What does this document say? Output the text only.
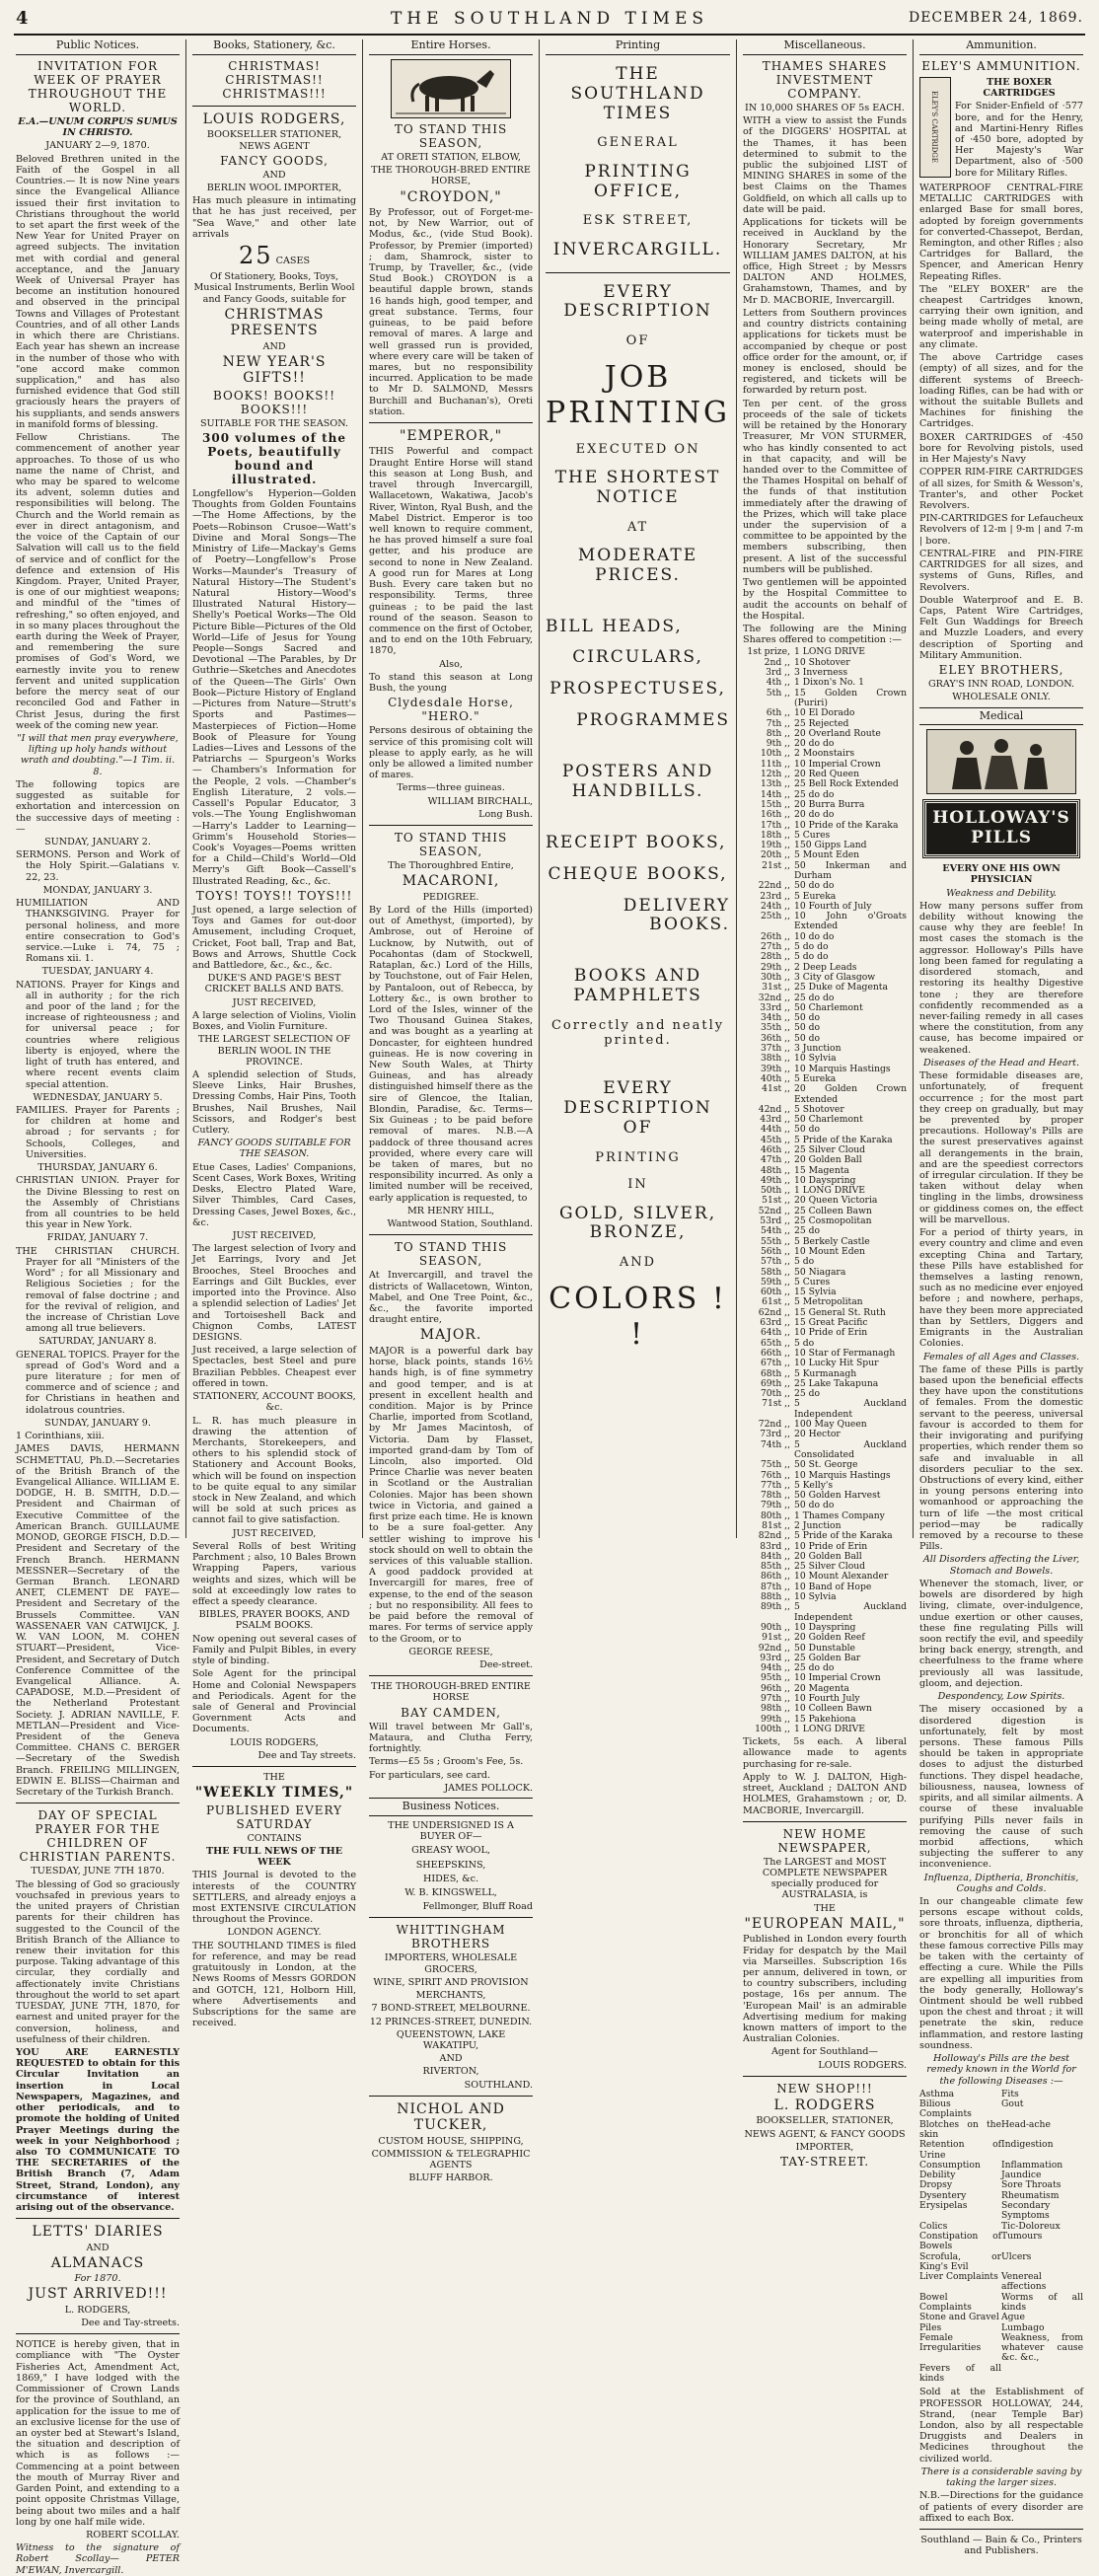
4	THE SOUTHLAND TIMES	DECEMBER 24, 1869.
Public Notices.

INVITATION FOR WEEK OF PRAYER THROUGHOUT THE WORLD.

E.A.—UNUM CORPUS SUMUS IN CHRISTO.

JANUARY 2—9, 1870.

Beloved Brethren united in the Faith of the Gospel in all Countries.— It is now Nine years since the Evangelical Alliance issued their first invitation to Christians throughout the world to set apart the first week of the New Year for United Prayer on agreed subjects. The invitation met with cordial and general acceptance, and the January Week of Universal Prayer has become an institution honoured and observed in the principal Towns and Villages of Protestant Countries, and of all other Lands in which there are Christians. Each year has shewn an increase in the number of those who with "one accord make common supplication," and has also furnished evidence that God still graciously hears the prayers of his suppliants, and sends answers in manifold forms of blessing.

Fellow Christians. The commencement of another year approaches. To those of us who name the name of Christ, and who may be spared to welcome its advent, solemn duties and responsibilities will belong. The Church and the World remain as ever in direct antagonism, and the voice of the Captain of our Salvation will call us to the field of service and of conflict for the defence and extension of His Kingdom. Prayer, United Prayer, is one of our mightiest weapons; and mindful of the "times of refreshing," so often enjoyed, and in so many places throughout the earth during the Week of Prayer, and remembering the sure promises of God's Word, we earnestly invite you to renew fervent and united supplication before the mercy seat of our reconciled God and Father in Christ Jesus, during the first week of the coming new year.

"I will that men pray everywhere, lifting up holy hands without wrath and doubting."—1 Tim. ii. 8.

The following topics are suggested as suitable for exhortation and intercession on the successive days of meeting :—

SUNDAY, JANUARY 2.

SERMONS. Person and Work of the Holy Spirit.—Galatians v. 22, 23.

MONDAY, JANUARY 3.

HUMILIATION AND THANKSGIVING. Prayer for personal holiness, and more entire consecration to God's service.—Luke i. 74, 75 ; Romans xii. 1.

TUESDAY, JANUARY 4.

NATIONS. Prayer for Kings and all in authority ; for the rich and poor of the land ; for the increase of righteousness ; and for universal peace ; for countries where religious liberty is enjoyed, where the light of truth has entered, and where recent events claim special attention.

WEDNESDAY, JANUARY 5.

FAMILIES. Prayer for Parents ; for children at home and abroad ; for servants ; for Schools, Colleges, and Universities.

THURSDAY, JANUARY 6.

CHRISTIAN UNION. Prayer for the Divine Blessing to rest on the Assembly of Christians from all countries to be held this year in New York.

FRIDAY, JANUARY 7.

THE CHRISTIAN CHURCH. Prayer for all "Ministers of the Word" ; for all Missionary and Religious Societies ; for the removal of false doctrine ; and for the revival of religion, and the increase of Christian Love among all true believers.

SATURDAY, JANUARY 8.

GENERAL TOPICS. Prayer for the spread of God's Word and a pure literature ; for men of commerce and of science ; and for Christians in heathen and idolatrous countries.

SUNDAY, JANUARY 9.

1 Corinthians, xiii.

JAMES DAVIS, HERMANN SCHMETTAU, Ph.D.—Secretaries of the British Branch of the Evangelical Alliance. WILLIAM E. DODGE, H. B. SMITH, D.D.—President and Chairman of Executive Committee of the American Branch. GUILLAUME MONOD, GEORGE FISCH, D.D.—President and Secretary of the French Branch. HERMANN MESSNER—Secretary of the German Branch. LEONARD ANET, CLEMENT DE FAYE—President and Secretary of the Brussels Committee. VAN WASSENAER VAN CATWIJCK, J. W. VAN LOON, M. COHEN STUART—President, Vice-President, and Secretary of Dutch Conference Committee of the Evangelical Alliance. A. CAPADOSE, M.D.—President of the Netherland Protestant Society. J. ADRIAN NAVILLE, F. METLAN—President and Vice-President of the Geneva Committee. CHANS C. BERGER—Secretary of the Swedish Branch. FREILING MILLINGEN, EDWIN E. BLISS—Chairman and Secretary of the Turkish Branch.

DAY OF SPECIAL PRAYER FOR THE CHILDREN OF CHRISTIAN PARENTS.

TUESDAY, JUNE 7TH 1870.

The blessing of God so graciously vouchsafed in previous years to the united prayers of Christian parents for their children has suggested to the Council of the British Branch of the Alliance to renew their invitation for this purpose. Taking advantage of this circular, they cordially and affectionately invite Christians throughout the world to set apart TUESDAY, JUNE 7TH, 1870, for earnest and united prayer for the conversion, holiness, and usefulness of their children.

YOU ARE EARNESTLY REQUESTED to obtain for this Circular Invitation an insertion in Local Newspapers, Magazines, and other periodicals, and to promote the holding of United Prayer Meetings during the week in your Neighborhood ; also TO COMMUNICATE TO THE SECRETARIES of the British Branch (7, Adam Street, Strand, London), any circumstance of interest arising out of the observance.

LETTS' DIARIES

AND

ALMANACS

For 1870.

JUST ARRIVED!!!

L. RODGERS,

Dee and Tay-streets.

NOTICE is hereby given, that in compliance with "The Oyster Fisheries Act, Amendment Act, 1869," I have lodged with the Commissioner of Crown Lands for the province of Southland, an application for the issue to me of an exclusive license for the use of an oyster bed at Stewart's Island, the situation and description of which is as follows :—Commencing at a point between the mouth of Murray River and Garden Point, and extending to a point opposite Christmas Village, being about two miles and a half long by one half mile wide.

ROBERT SCOLLAY.

Witness to the signature of Robert Scollay— PETER M'EWAN, Invercargill.

Books, Stationery, &c.

CHRISTMAS! CHRISTMAS!! CHRISTMAS!!!

LOUIS RODGERS,

BOOKSELLER STATIONER, NEWS AGENT

FANCY GOODS,

AND

BERLIN WOOL IMPORTER,

Has much pleasure in intimating that he has just received, per "Sea Wave," and other late arrivals

25 CASES

Of Stationery, Books, Toys, Musical Instruments, Berlin Wool and Fancy Goods, suitable for

CHRISTMAS PRESENTS

AND

NEW YEAR'S GIFTS!!

BOOKS! BOOKS!! BOOKS!!!

SUITABLE FOR THE SEASON.

300 volumes of the Poets, beautifully bound and illustrated.

Longfellow's Hyperion—Golden Thoughts from Golden Fountains—The Home Affections, by the Poets—Robinson Crusoe—Watt's Divine and Moral Songs—The Ministry of Life—Mackay's Gems of Poetry—Longfellow's Prose Works—Maunder's Treasury of Natural History—The Student's Natural History—Wood's Illustrated Natural History—Shelly's Poetical Works—The Old Picture Bible—Pictures of the Old World—Life of Jesus for Young People—Songs Sacred and Devotional —The Parables, by Dr Guthrie—Sketches and Anecdotes of the Queen—The Girls' Own Book—Picture History of England—Pictures from Nature—Strutt's Sports and Pastimes—Masterpieces of Fiction—Home Book of Pleasure for Young Ladies—Lives and Lessons of the Patriarchs — Spurgeon's Works — Chambers's Information for the People, 2 vols. —Chamber's English Literature, 2 vols.—Cassell's Popular Educator, 3 vols.—The Young Englishwoman—Harry's Ladder to Learning—Grimm's Household Stories—Cook's Voyages—Poems written for a Child—Child's World—Old Merry's Gift Book—Cassell's Illustrated Reading, &c., &c.

TOYS! TOYS!! TOYS!!!

Just opened, a large selection of Toys and Games for out-door Amusement, including Croquet, Cricket, Foot ball, Trap and Bat, Bows and Arrows, Shuttle Cock and Battledore, &c., &c., &c.

DUKE'S AND PAGE'S BEST CRICKET BALLS AND BATS.

JUST RECEIVED,

A large selection of Violins, Violin Boxes, and Violin Furniture.

THE LARGEST SELECTION OF BERLIN WOOL IN THE PROVINCE.

A splendid selection of Studs, Sleeve Links, Hair Brushes, Dressing Combs, Hair Pins, Tooth Brushes, Nail Brushes, Nail Scissors, and Rodger's best Cutlery.

FANCY GOODS SUITABLE FOR THE SEASON.

Etue Cases, Ladies' Companions, Scent Cases, Work Boxes, Writing Desks, Electro Plated Ware, Silver Thimbles, Card Cases, Dressing Cases, Jewel Boxes, &c., &c.

JUST RECEIVED,

The largest selection of Ivory and Jet Earrings, Ivory and Jet Brooches, Steel Brooches and Earrings and Gilt Buckles, ever imported into the Province. Also a splendid selection of Ladies' Jet and Tortoiseshell Back and Chignon Combs, LATEST DESIGNS.

Just received, a large selection of Spectacles, best Steel and pure Brazilian Pebbles. Cheapest ever offered in town.

STATIONERY, ACCOUNT BOOKS, &c.

L. R. has much pleasure in drawing the attention of Merchants, Storekeepers, and others to his splendid stock of Stationery and Account Books, which will be found on inspection to be quite equal to any similar stock in New Zealand, and which will be sold at such prices as cannot fail to give satisfaction.

JUST RECEIVED,

Several Rolls of best Writing Parchment ; also, 10 Bales Brown Wrapping Papers, various weights and sizes, which will be sold at exceedingly low rates to effect a speedy clearance.

BIBLES, PRAYER BOOKS, AND PSALM BOOKS.

Now opening out several cases of Family and Pulpit Bibles, in every style of binding.

Sole Agent for the principal Home and Colonial Newspapers and Periodicals. Agent for the sale of General and Provincial Government Acts and Documents.

LOUIS RODGERS,

Dee and Tay streets.

THE

"WEEKLY TIMES,"

PUBLISHED EVERY SATURDAY

CONTAINS

THE FULL NEWS OF THE WEEK

THIS Journal is devoted to the interests of the COUNTRY SETTLERS, and already enjoys a most EXTENSIVE CIRCULATION throughout the Province.

LONDON AGENCY.

THE SOUTHLAND TIMES is filed for reference, and may be read gratuitously in London, at the News Rooms of Messrs GORDON and GOTCH, 121, Holborn Hill, where Advertisements and Subscriptions for the same are received.

Entire Horses.

TO STAND THIS SEASON,

AT ORETI STATION, ELBOW,

THE THOROUGH-BRED ENTIRE HORSE,

"CROYDON,"

By Professor, out of Forget-me-not, by New Warrior, out of Modus, &c., (vide Stud Book). Professor, by Premier (imported) ; dam, Shamrock, sister to Trump, by Traveller, &c., (vide Stud Book.) CROYDON is a beautiful dapple brown, stands 16 hands high, good temper, and great substance. Terms, four guineas, to be paid before removal of mares. A large and well grassed run is provided, where every care will be taken of mares, but no responsibility incurred. Application to be made to Mr D. SALMOND, Messrs Burchill and Buchanan's), Oreti station.

"EMPEROR,"

THIS Powerful and compact Draught Entire Horse will stand this season at Long Bush, and travel through Invercargill, Wallacetown, Wakatiwa, Jacob's River, Winton, Ryal Bush, and the Mabel District. Emperor is too well known to require comment, he has proved himself a sure foal getter, and his produce are second to none in New Zealand. A good run for Mares at Long Bush. Every care taken but no responsibility. Terms, three guineas ; to be paid the last round of the season. Season to commence on the first of October, and to end on the 10th February, 1870,

Also,

To stand this season at Long Bush, the young

Clydesdale Horse, "HERO."

Persons desirous of obtaining the service of this promising colt will please to apply early, as he will only be allowed a limited number of mares.

Terms—three guineas.

WILLIAM BIRCHALL,

Long Bush.

TO STAND THIS SEASON,

The Thoroughbred Entire,

MACARONI,

PEDIGREE.

By Lord of the Hills (imported) out of Amethyst, (imported), by Ambrose, out of Heroine of Lucknow, by Nutwith, out of Pocahontas (dam of Stockwell, Rataplan, &c.) Lord of the Hills, by Touchstone, out of Fair Helen, by Pantaloon, out of Rebecca, by Lottery &c., is own brother to Lord of the Isles, winner of the Two Thousand Guinea Stakes, and was bought as a yearling at Doncaster, for eighteen hundred guineas. He is now covering in New South Wales, at Thirty Guineas, and has already distinguished himself there as the sire of Glencoe, the Italian, Blondin, Paradise, &c. Terms—Six Guineas ; to be paid before removal of mares. N.B.—A paddock of three thousand acres provided, where every care will be taken of mares, but no responsibility incurred. As only a limited number will be received, early application is requested, to

MR HENRY HILL,

Wantwood Station, Southland.

TO STAND THIS SEASON,

At Invercargill, and travel the districts of Wallacetown, Winton, Mabel, and One Tree Point, &c., &c., the favorite imported draught entire,

MAJOR.

MAJOR is a powerful dark bay horse, black points, stands 16½ hands high, is of fine symmetry and good temper, and is at present in excellent health and condition. Major is by Prince Charlie, imported from Scotland, by Mr James Macintosh, of Victoria. Dam by Flasset, imported grand-dam by Tom of Lincoln, also imported. Old Prince Charlie was never beaten in Scotland or the Australian Colonies. Major has been shown twice in Victoria, and gained a first prize each time. He is known to be a sure foal-getter. Any settler wishing to improve his stock should on well to obtain the services of this valuable stallion. A good paddock provided at Invercargill for mares, free of expense, to the end of the season ; but no responsibility. All fees to be paid before the removal of mares. For terms of service apply to the Groom, or to

GEORGE REESE,

Dee-street.

THE THOROUGH-BRED ENTIRE HORSE

BAY CAMDEN,

Will travel between Mr Gall's, Mataura, and Clutha Ferry, fortnightly.

Terms—£5 5s ; Groom's Fee, 5s.

For particulars, see card.

JAMES POLLOCK.

Business Notices.

THE UNDERSIGNED IS A BUYER OF—

GREASY WOOL,

SHEEPSKINS,

HIDES, &c.

W. B. KINGSWELL,

Fellmonger, Bluff Road

WHITTINGHAM BROTHERS

IMPORTERS, WHOLESALE GROCERS,

WINE, SPIRIT AND PROVISION

MERCHANTS,

7 BOND-STREET, MELBOURNE.

12 PRINCES-STREET, DUNEDIN.

QUEENSTOWN, LAKE WAKATIPU,

AND

RIVERTON,

SOUTHLAND.

NICHOL AND TUCKER,

CUSTOM HOUSE, SHIPPING,

COMMISSION & TELEGRAPHIC AGENTS

BLUFF HARBOR.

Printing
THE SOUTHLAND TIMES
GENERAL
PRINTING OFFICE,
ESK STREET,
INVERCARGILL.
EVERY DESCRIPTION
OF
JOB PRINTING
EXECUTED ON
THE SHORTEST NOTICE
AT
MODERATE PRICES.
BILL HEADS,
CIRCULARS,
PROSPECTUSES,
PROGRAMMES
POSTERS AND HANDBILLS.
RECEIPT BOOKS,
CHEQUE BOOKS,
DELIVERY BOOKS.
BOOKS AND PAMPHLETS
Correctly and neatly printed.
EVERY DESCRIPTION OF
PRINTING
IN
GOLD, SILVER, BRONZE,
AND
COLORS ! !
Miscellaneous.

THAMES SHARES INVESTMENT COMPANY.

IN 10,000 SHARES OF 5s EACH.

WITH a view to assist the Funds of the DIGGERS' HOSPITAL at the Thames, it has been determined to submit to the public the subjoined LIST of MINING SHARES in some of the best Claims on the Thames Goldfield, on which all calls up to date will be paid.

Applications for tickets will be received in Auckland by the Honorary Secretary, Mr WILLIAM JAMES DALTON, at his office, High Street ; by Messrs DALTON AND HOLMES, Grahamstown, Thames, and by Mr D. MACBORIE, Invercargill.

Letters from Southern provinces and country districts containing applications for tickets must be accompanied by cheque or post office order for the amount, or, if money is enclosed, should be registered, and tickets will be forwarded by return post.

Ten per cent. of the gross proceeds of the sale of tickets will be retained by the Honorary Treasurer, Mr VON STURMER, who has kindly consented to act in that capacity, and will be handed over to the Committee of the Thames Hospital on behalf of the funds of that institution immediately after the drawing of the Prizes, which will take place under the supervision of a committee to be appointed by the members subscribing, then present. A list of the successful numbers will be published.

Two gentlemen will be appointed by the Hospital Committee to audit the accounts on behalf of the Hospital.

The following are the Mining Shares offered to competition :—

1st prize, 1 LONG DRIVE
2nd ,, 10 Shotover
3rd ,, 3 Inverness
4th ,, 1 Dixon's No. 1
5th ,, 15 Golden Crown (Puriri)
6th ,, 10 El Dorado
7th ,, 25 Rejected
8th ,, 20 Overland Route
9th ,, 20 do do
10th ,, 2 Moonstairs
11th ,, 10 Imperial Crown
12th ,, 20 Red Queen
13th ,, 25 Bell Rock Extended
14th ,, 25 do do
15th ,, 20 Burra Burra
16th ,, 20 do do
17th ,, 10 Pride of the Karaka
18th ,, 5 Cures
19th ,, 150 Gipps Land
20th ,, 5 Mount Eden
21st ,, 50 Inkerman and Durham
22nd ,, 50 do do
23rd ,, 5 Eureka
24th ,, 10 Fourth of July
25th ,, 10 John o'Groats Extended
26th ,, 10 do do
27th ,, 5 do do
28th ,, 5 do do
29th ,, 2 Deep Leads
30th ,, 3 City of Glasgow
31st ,, 25 Duke of Magenta
32nd ,, 25 do do
33rd ,, 50 Charlemont
34th ,, 50 do
35th ,, 50 do
36th ,, 50 do
37th ,, 3 Junction
38th ,, 10 Sylvia
39th ,, 10 Marquis Hastings
40th ,, 5 Eureka
41st ,, 20 Golden Crown Extended
42nd ,, 5 Shotover
43rd ,, 50 Charlemont
44th ,, 50 do
45th ,, 5 Pride of the Karaka
46th ,, 25 Silver Cloud
47th ,, 20 Golden Ball
48th ,, 15 Magenta
49th ,, 10 Dayspring
50th ,, 1 LONG DRIVE
51st ,, 20 Queen Victoria
52nd ,, 25 Colleen Bawn
53rd ,, 25 Cosmopolitan
54th ,, 25 do
55th ,, 5 Berkely Castle
56th ,, 10 Mount Eden
57th ,, 5 do
58th ,, 50 Niagara
59th ,, 5 Cures
60th ,, 15 Sylvia
61st ,, 5 Metropolitan
62nd ,, 15 General St. Ruth
63rd ,, 15 Great Pacific
64th ,, 10 Pride of Erin
65th ,, 5 do
66th ,, 10 Star of Fermanagh
67th ,, 10 Lucky Hit Spur
68th ,, 5 Kurmanagh
69th ,, 25 Lake Takapuna
70th ,, 25 do
71st ,, 5 Auckland Independent
72nd ,, 100 May Queen
73rd ,, 20 Hector
74th ,, 5 Auckland Consolidated
75th ,, 50 St. George
76th ,, 10 Marquis Hastings
77th ,, 5 Kelly's
78th ,, 50 Golden Harvest
79th ,, 50 do do
80th ,, 1 Thames Company
81st ,, 2 Junction
82nd ,, 5 Pride of the Karaka
83rd ,, 10 Pride of Erin
84th ,, 20 Golden Ball
85th ,, 25 Silver Cloud
86th ,, 10 Mount Alexander
87th ,, 10 Band of Hope
88th ,, 10 Sylvia
89th ,, 5 Auckland Independent
90th ,, 10 Dayspring
91st ,, 20 Golden Reef
92nd ,, 50 Dunstable
93rd ,, 25 Golden Bar
94th ,, 25 do do
95th ,, 10 Imperial Crown
96th ,, 20 Magenta
97th ,, 10 Fourth July
98th ,, 10 Colleen Bawn
99th ,, 15 Pakehiona
100th ,, 1 LONG DRIVE

Tickets, 5s each. A liberal allowance made to agents purchasing for re-sale.

Apply to W. J. DALTON, High-street, Auckland ; DALTON AND HOLMES, Grahamstown ; or, D. MACBORIE, Invercargill.

NEW HOME NEWSPAPER,

The LARGEST and MOST COMPLETE NEWSPAPER specially produced for AUSTRALASIA, is

THE

"EUROPEAN MAIL,"

Published in London every fourth Friday for despatch by the Mail via Marseilles. Subscription 16s per annum, delivered in town, or to country subscribers, including postage, 16s per annum. The 'European Mail' is an admirable Advertising medium for making known matters of import to the Australian Colonies.

Agent for Southland—

LOUIS RODGERS.

NEW SHOP!!!

L. RODGERS

BOOKSELLER, STATIONER,

NEWS AGENT, & FANCY GOODS

IMPORTER,

TAY-STREET.

Ammunition.

ELEY'S AMMUNITION.

ELEY'S CARTRIDGE

THE BOXER CARTRIDGES

For Snider-Enfield of ·577 bore, and for the Henry, and Martini-Henry Rifles of ·450 bore, adopted by Her Majesty's War Department, also of ·500 bore for Military Rifles.

WATERPROOF CENTRAL-FIRE METALLIC CARTRIDGES with enlarged Base for small bores, adopted by foreign governments for converted-Chassepot, Berdan, Remington, and other Rifles ; also Cartridges for Ballard, the Spencer, and American Henry Repeating Rifles.

The "ELEY BOXER" are the cheapest Cartridges known, carrying their own ignition, and being made wholly of metal, are waterproof and imperishable in any climate.

The above Cartridge cases (empty) of all sizes, and for the different systems of Breech-loading Rifles, can be had with or without the suitable Bullets and Machines for finishing the Cartridges.

BOXER CARTRIDGES of ·450 bore for Revolving pistols, used in Her Majesty's Navy

COPPER RIM-FIRE CARTRIDGES of all sizes, for Smith & Wesson's, Tranter's, and other Pocket Revolvers.

PIN-CARTRIDGES for Lefaucheux Revolvers of 12-m | 9-m | and 7-m | bore.

CENTRAL-FIRE and PIN-FIRE CARTRIDGES for all sizes, and systems of Guns, Rifles, and Revolvers.

Double Waterproof and E. B. Caps, Patent Wire Cartridges, Felt Gun Waddings for Breech and Muzzle Loaders, and every description of Sporting and Military Ammunition.

ELEY BROTHERS,

GRAY'S INN ROAD, LONDON.

WHOLESALE ONLY.

Medical
HOLLOWAY'S PILLS

EVERY ONE HIS OWN PHYSICIAN

Weakness and Debility.

How many persons suffer from debility without knowing the cause why they are feeble! In most cases the stomach is the aggressor. Holloway's Pills have long been famed for regulating a disordered stomach, and restoring its healthy Digestive tone ; they are therefore confidently recommended as a never-failing remedy in all cases where the constitution, from any cause, has become impaired or weakened.

Diseases of the Head and Heart.

These formidable diseases are, unfortunately, of frequent occurrence ; for the most part they creep on gradually, but may be prevented by proper precautions. Holloway's Pills are the surest preservatives against all derangements in the brain, and are the speediest correctors of irregular circulation. If they be taken without delay when tingling in the limbs, drowsiness or giddiness comes on, the effect will be marvellous.

For a period of thirty years, in every country and clime and even excepting China and Tartary, these Pills have established for themselves a lasting renown, such as no medicine ever enjoyed before ; and nowhere, perhaps, have they been more appreciated than by Settlers, Diggers and Emigrants in the Australian Colonies.

Females of all Ages and Classes.

The fame of these Pills is partly based upon the beneficial effects they have upon the constitutions of females. From the domestic servant to the peeress, universal favour is accorded to them for their invigorating and purifying properties, which render them so safe and invaluable in all disorders peculiar to the sex. Obstructions of every kind, either in young persons entering into womanhood or approaching the turn of life —the most critical period—may be radically removed by a recourse to these Pills.

All Disorders affecting the Liver, Stomach and Bowels.

Whenever the stomach, liver, or bowels are disordered by high living, climate, over-indulgence, undue exertion or other causes, these fine regulating Pills will soon rectify the evil, and speedily bring back energy, strength, and cheerfulness to the frame where previously all was lassitude, gloom, and dejection.

Despondency, Low Spirits.

The misery occasioned by a disordered digestion is unfortunately, felt by most persons. These famous Pills should be taken in appropriate doses to adjust the disturbed functions. They dispel headache, biliousness, nausea, lowness of spirits, and all similar ailments. A course of these invaluable purifying Pills never fails in removing the cause of such morbid affections, which subjecting the sufferer to any inconvenience.

Influenza, Diptheria, Bronchitis, Coughs and Colds.

In our changeable climate few persons escape without colds, sore throats, influenza, diptheria, or bronchitis for all of which these famous corrective Pills may be taken with the certainty of effecting a cure. While the Pills are expelling all impurities from the body generally, Holloway's Ointment should be well rubbed upon the chest and throat ; it will penetrate the skin, reduce inflammation, and restore lasting soundness.

Holloway's Pills are the best remedy known in the World for the following Diseases :—

Asthma	Fits
Bilious Complaints
Gout
Blotches on the skin
Head-ache
Retention of Urine
Indigestion
Consumption	Inflammation
Debility	Jaundice
Dropsy	Sore Throats
Dysentery	Rheumatism
Erysipelas	Secondary Symptoms
Colics	Tic-Doloreux
Constipation of Bowels
Tumours
Scrofula, or King's Evil
Ulcers
Liver Complaints Venereal affections
Bowel Complaints
Worms of all kinds
Stone and Gravel Ague
Piles	Lumbago
Female Irregularities
Weakness, from whatever cause &c. &c.,
Fevers of all kinds

Sold at the Establishment of PROFESSOR HOLLOWAY, 244, Strand, (near Temple Bar) London, also by all respectable Druggists and Dealers in Medicines throughout the civilized world.

There is a considerable saving by taking the larger sizes.

N.B.—Directions for the guidance of patients of every disorder are affixed to each Box.

Southland — Bain & Co., Printers and Publishers.
